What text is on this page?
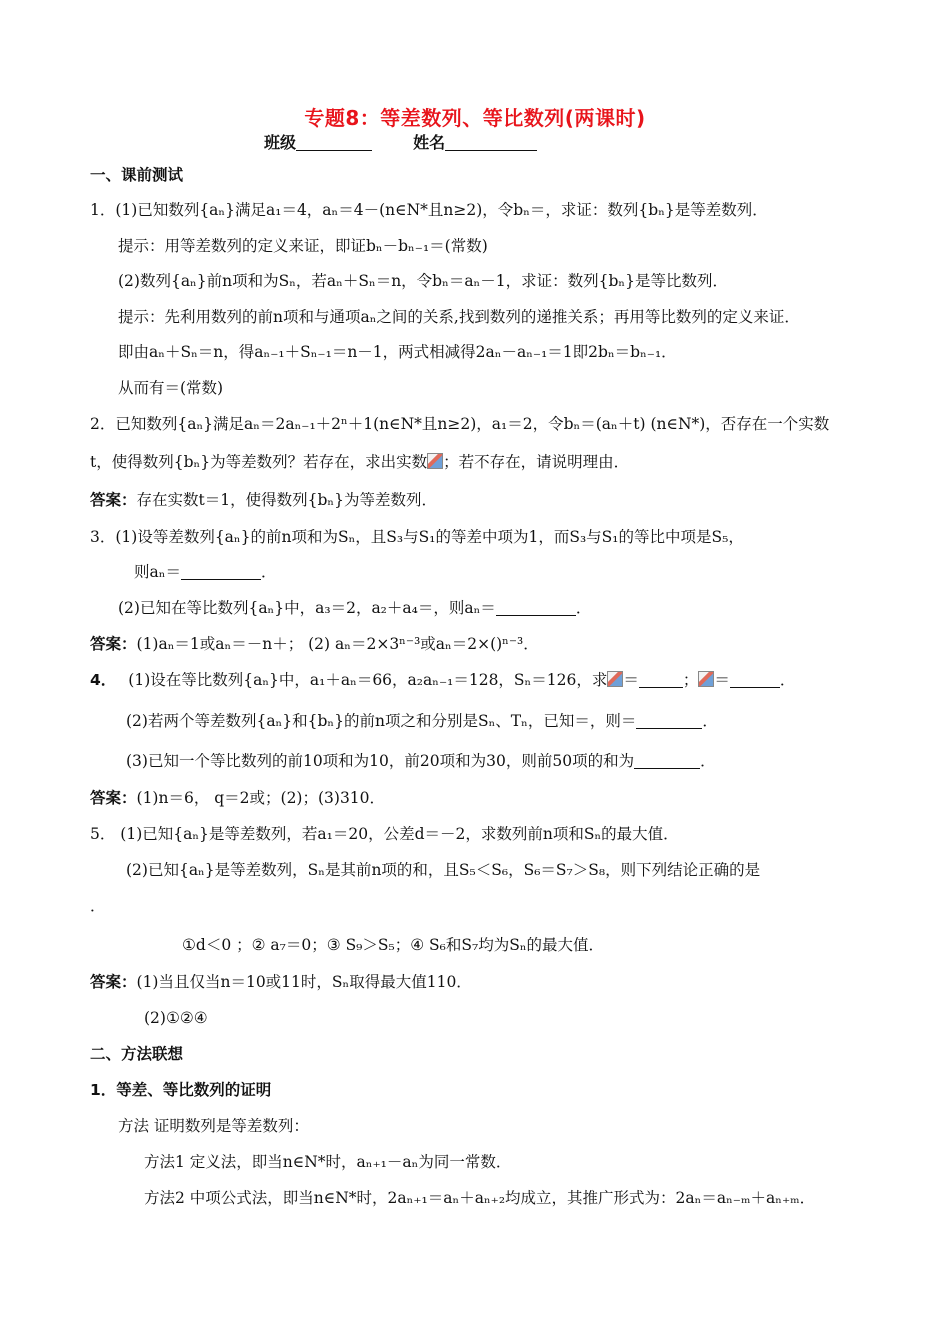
专题8：等差数列、等比数列(两课时)
班级	姓名
一、课前测试
1．(1)已知数列{aₙ}满足a₁＝4，aₙ＝4－(n∈N*且n≥2)，令bₙ＝，求证：数列{bₙ}是等差数列．
提示：用等差数列的定义来证，即证bₙ－bₙ₋₁＝(常数)
(2)数列{aₙ}前n项和为Sₙ，若aₙ＋Sₙ＝n，令bₙ＝aₙ－1，求证：数列{bₙ}是等比数列．
提示：先利用数列的前n项和与通项aₙ之间的关系,找到数列的递推关系；再用等比数列的定义来证．
即由aₙ＋Sₙ＝n，得aₙ₋₁＋Sₙ₋₁＝n－1，两式相减得2aₙ－aₙ₋₁＝1即2bₙ＝bₙ₋₁．
从而有＝(常数)
2．已知数列{aₙ}满足aₙ＝2aₙ₋₁＋2ⁿ＋1(n∈N*且n≥2)，a₁＝2，令bₙ＝(aₙ＋t) (n∈N*)，否存在一个实数
t，使得数列{bₙ}为等差数列？若存在，求出实数 ；若不存在，请说明理由．
答案：存在实数t＝1，使得数列{bₙ}为等差数列．
3．(1)设等差数列{aₙ}的前n项和为Sₙ，且S₃与S₁的等差中项为1，而S₃与S₁的等比中项是S₅，
则aₙ＝	．
(2)已知在等比数列{aₙ}中，a₃＝2，a₂＋a₄＝，则aₙ＝	．
答案：(1)aₙ＝1或aₙ＝－n＋； (2) aₙ＝2×3ⁿ⁻³或aₙ＝2×()ⁿ⁻³．
4． (1)设在等比数列{aₙ}中，a₁＋aₙ＝66，a₂aₙ₋₁＝128，Sₙ＝126，求 ＝	； ＝	．
(2)若两个等差数列{aₙ}和{bₙ}的前n项之和分别是Sₙ、Tₙ，已知＝，则＝	．
(3)已知一个等比数列的前10项和为10，前20项和为30，则前50项的和为	．
答案：(1)n＝6， q＝2或；(2)；(3)310．
5． (1)已知{aₙ}是等差数列，若a₁＝20，公差d＝－2，求数列前n项和Sₙ的最大值．
(2)已知{aₙ}是等差数列，Sₙ是其前n项的和，且S₅＜S₆，S₆＝S₇＞S₈，则下列结论正确的是
．
①d＜0 ；② a₇＝0；③ S₉＞S₅；④ S₆和S₇均为Sₙ的最大值．
答案：(1)当且仅当n＝10或11时，Sₙ取得最大值110．
(2)①②④
二、方法联想
1．等差、等比数列的证明
方法 证明数列是等差数列：
方法1 定义法，即当n∈N*时，aₙ₊₁－aₙ为同一常数．
方法2 中项公式法，即当n∈N*时，2aₙ₊₁＝aₙ＋aₙ₊₂均成立，其推广形式为：2aₙ＝aₙ₋ₘ＋aₙ₊ₘ．
